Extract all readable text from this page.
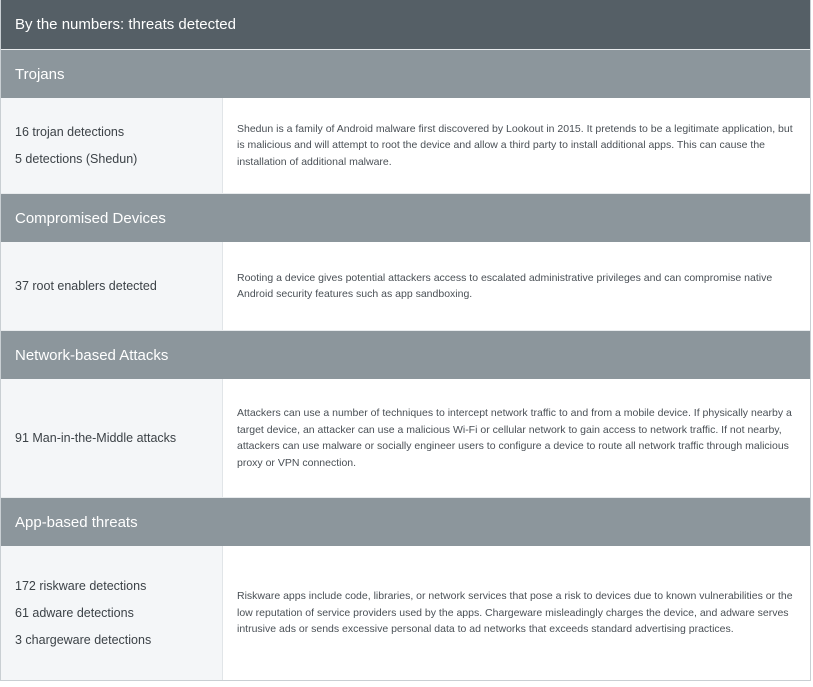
By the numbers: threats detected
Trojans
16 trojan detections
5 detections (Shedun)
Shedun is a family of Android malware first discovered by Lookout in 2015. It pretends to be a legitimate application, but is malicious and will attempt to root the device and allow a third party to install additional apps. This can cause the installation of additional malware.
Compromised Devices
37 root enablers detected
Rooting a device gives potential attackers access to escalated administrative privileges and can compromise native Android security features such as app sandboxing.
Network-based Attacks
91 Man-in-the-Middle attacks
Attackers can use a number of techniques to intercept network traffic to and from a mobile device. If physically nearby a target device, an attacker can use a malicious Wi-Fi or cellular network to gain access to network traffic. If not nearby, attackers can use malware or socially engineer users to configure a device to route all network traffic through malicious proxy or VPN connection.
App-based threats
172 riskware detections
61 adware detections
3 chargeware detections
Riskware apps include code, libraries, or network services that pose a risk to devices due to known vulnerabilities or the low reputation of service providers used by the apps. Chargeware misleadingly charges the device, and adware serves intrusive ads or sends excessive personal data to ad networks that exceeds standard advertising practices.
